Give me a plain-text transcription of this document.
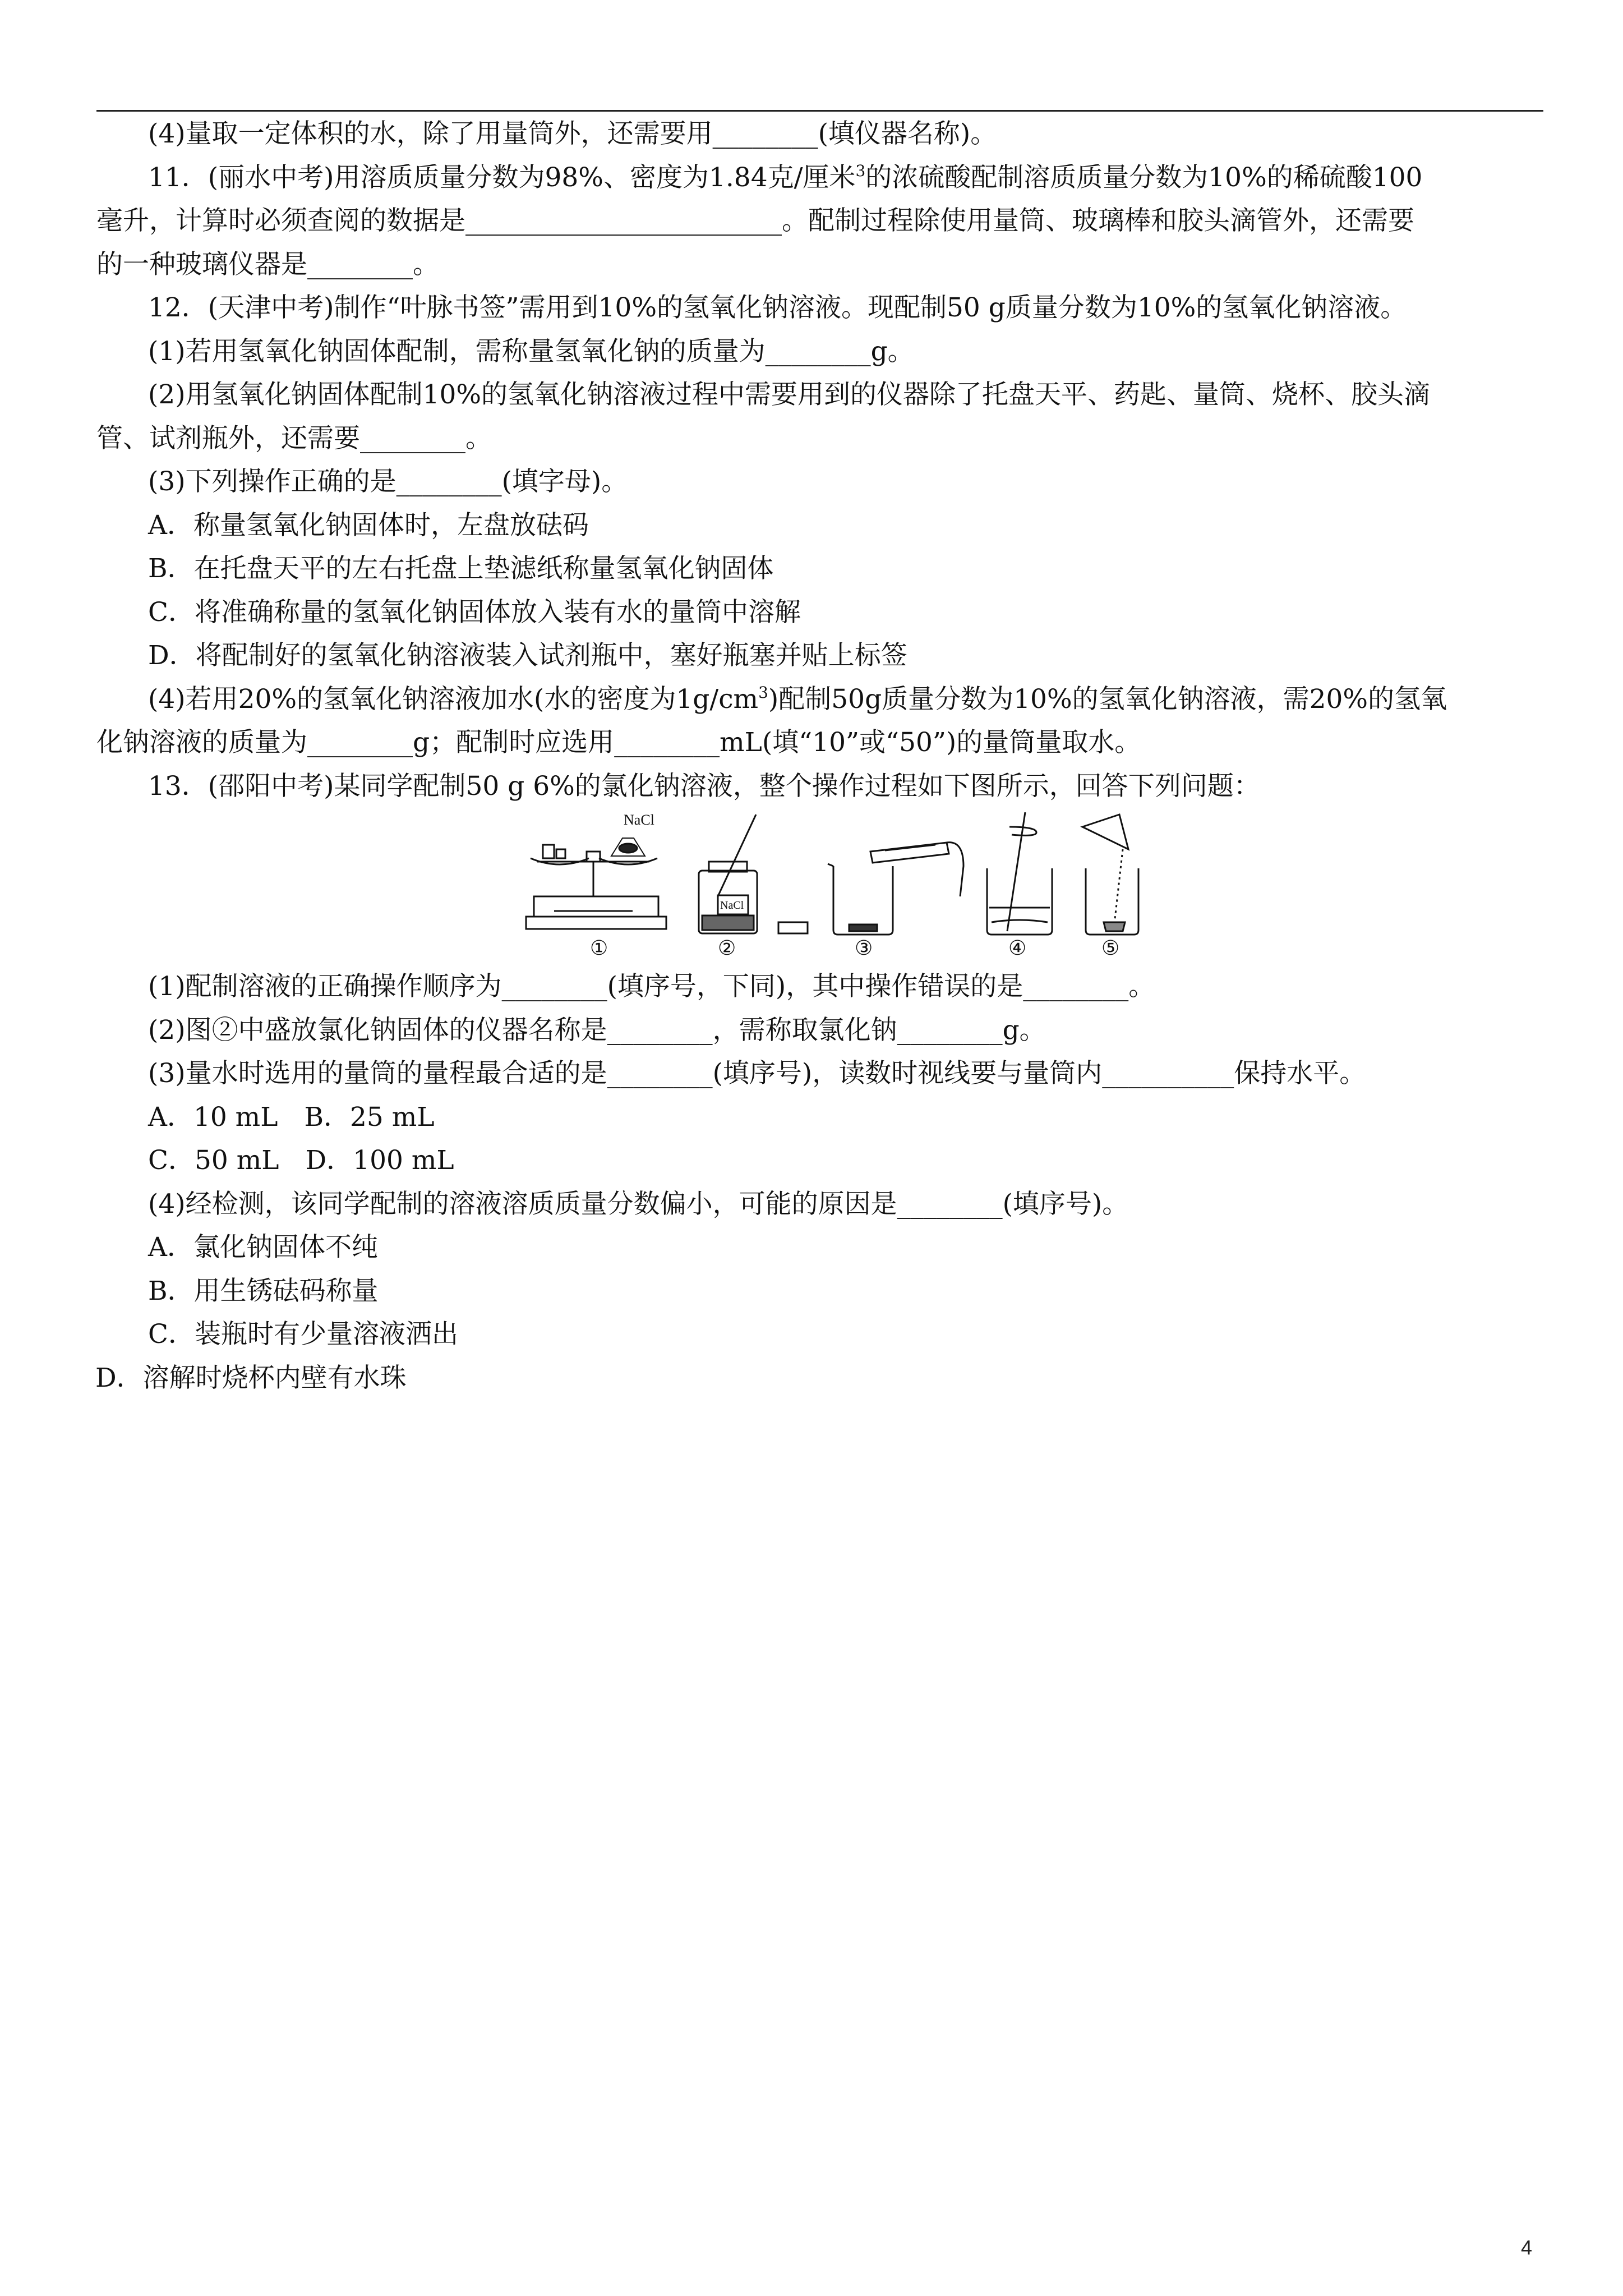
(4)量取一定体积的水，除了用量筒外，还需要用________(填仪器名称)。
11．(丽水中考)用溶质质量分数为98%、密度为1.84克/厘米$^3$的浓硫酸配制溶质质量分数为10%的稀硫酸100
毫升，计算时必须查阅的数据是________________________。配制过程除使用量筒、玻璃棒和胶头滴管外，还需要
的一种玻璃仪器是________。
12．(天津中考)制作“叶脉书签”需用到10%的氢氧化钠溶液。现配制50 g质量分数为10%的氢氧化钠溶液。
(1)若用氢氧化钠固体配制，需称量氢氧化钠的质量为________g。
(2)用氢氧化钠固体配制10%的氢氧化钠溶液过程中需要用到的仪器除了托盘天平、药匙、量筒、烧杯、胶头滴
管、试剂瓶外，还需要________。
(3)下列操作正确的是________(填字母)。
A．称量氢氧化钠固体时，左盘放砝码
B．在托盘天平的左右托盘上垫滤纸称量氢氧化钠固体
C．将准确称量的氢氧化钠固体放入装有水的量筒中溶解
D．将配制好的氢氧化钠溶液装入试剂瓶中，塞好瓶塞并贴上标签
(4)若用20%的氢氧化钠溶液加水(水的密度为$1g/cm^3$)配制50g质量分数为10%的氢氧化钠溶液，需20%的氢氧
化钠溶液的质量为________g；配制时应选用________mL(填“10”或“50”)的量筒量取水。
13．(邵阳中考)某同学配制50 g 6%的氯化钠溶液，整个操作过程如下图所示，回答下列问题：
NaCl
①
NaCl
②	③	④	⑤
(1)配制溶液的正确操作顺序为________(填序号，下同)，其中操作错误的是________。
(2)图②中盛放氯化钠固体的仪器名称是________，需称取氯化钠________g。
(3)量水时选用的量筒的量程最合适的是________(填序号)，读数时视线要与量筒内__________保持水平。
A．10 mL　B．25 mL
C．50 mL　D．100 mL
(4)经检测，该同学配制的溶液溶质质量分数偏小，可能的原因是________(填序号)。
A．氯化钠固体不纯
B．用生锈砝码称量
C．装瓶时有少量溶液洒出
D．溶解时烧杯内壁有水珠
4
